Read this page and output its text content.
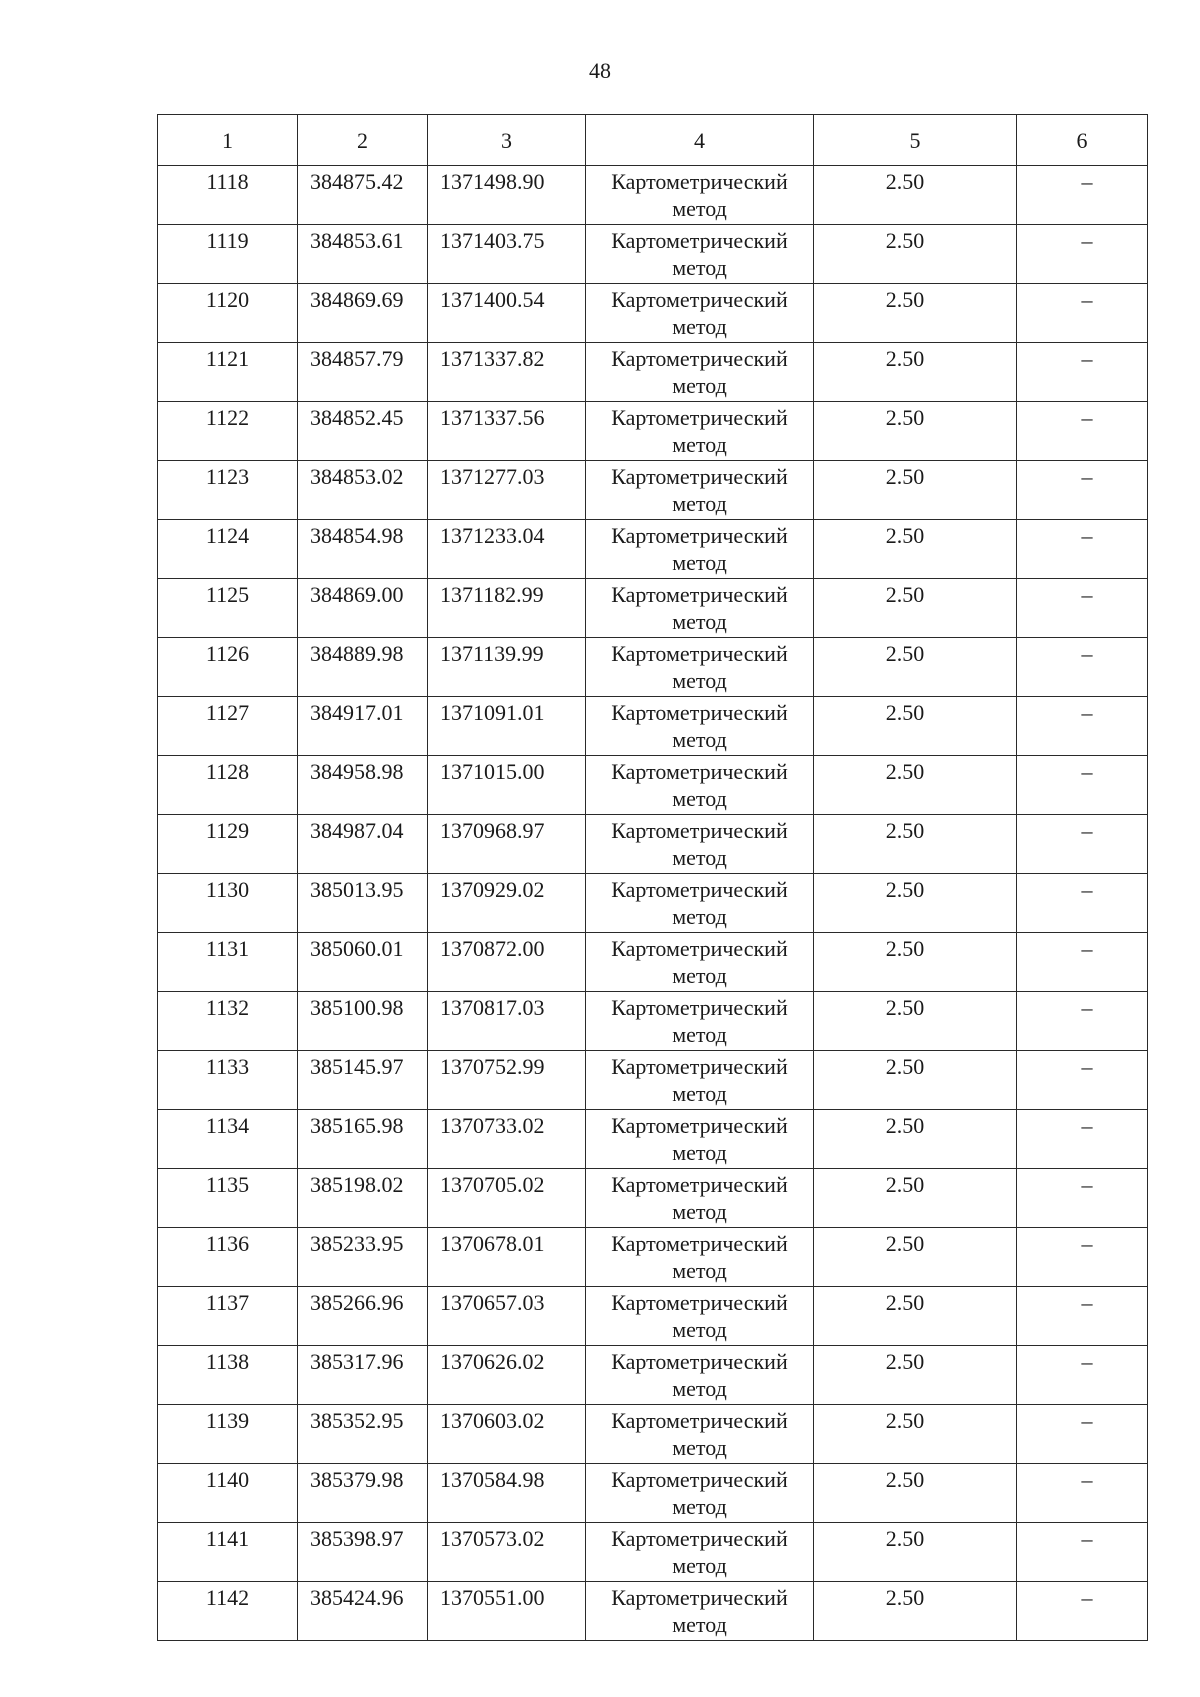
48
1	2	3	4	5	6
1118	384875.42	1371498.90	Картометрический метод	2.50	–
1119	384853.61	1371403.75	Картометрический метод	2.50	–
1120	384869.69	1371400.54	Картометрический метод	2.50	–
1121	384857.79	1371337.82	Картометрический метод	2.50	–
1122	384852.45	1371337.56	Картометрический метод	2.50	–
1123	384853.02	1371277.03	Картометрический метод	2.50	–
1124	384854.98	1371233.04	Картометрический метод	2.50	–
1125	384869.00	1371182.99	Картометрический метод	2.50	–
1126	384889.98	1371139.99	Картометрический метод	2.50	–
1127	384917.01	1371091.01	Картометрический метод	2.50	–
1128	384958.98	1371015.00	Картометрический метод	2.50	–
1129	384987.04	1370968.97	Картометрический метод	2.50	–
1130	385013.95	1370929.02	Картометрический метод	2.50	–
1131	385060.01	1370872.00	Картометрический метод	2.50	–
1132	385100.98	1370817.03	Картометрический метод	2.50	–
1133	385145.97	1370752.99	Картометрический метод	2.50	–
1134	385165.98	1370733.02	Картометрический метод	2.50	–
1135	385198.02	1370705.02	Картометрический метод	2.50	–
1136	385233.95	1370678.01	Картометрический метод	2.50	–
1137	385266.96	1370657.03	Картометрический метод	2.50	–
1138	385317.96	1370626.02	Картометрический метод	2.50	–
1139	385352.95	1370603.02	Картометрический метод	2.50	–
1140	385379.98	1370584.98	Картометрический метод	2.50	–
1141	385398.97	1370573.02	Картометрический метод	2.50	–
1142	385424.96	1370551.00	Картометрический метод	2.50	–
